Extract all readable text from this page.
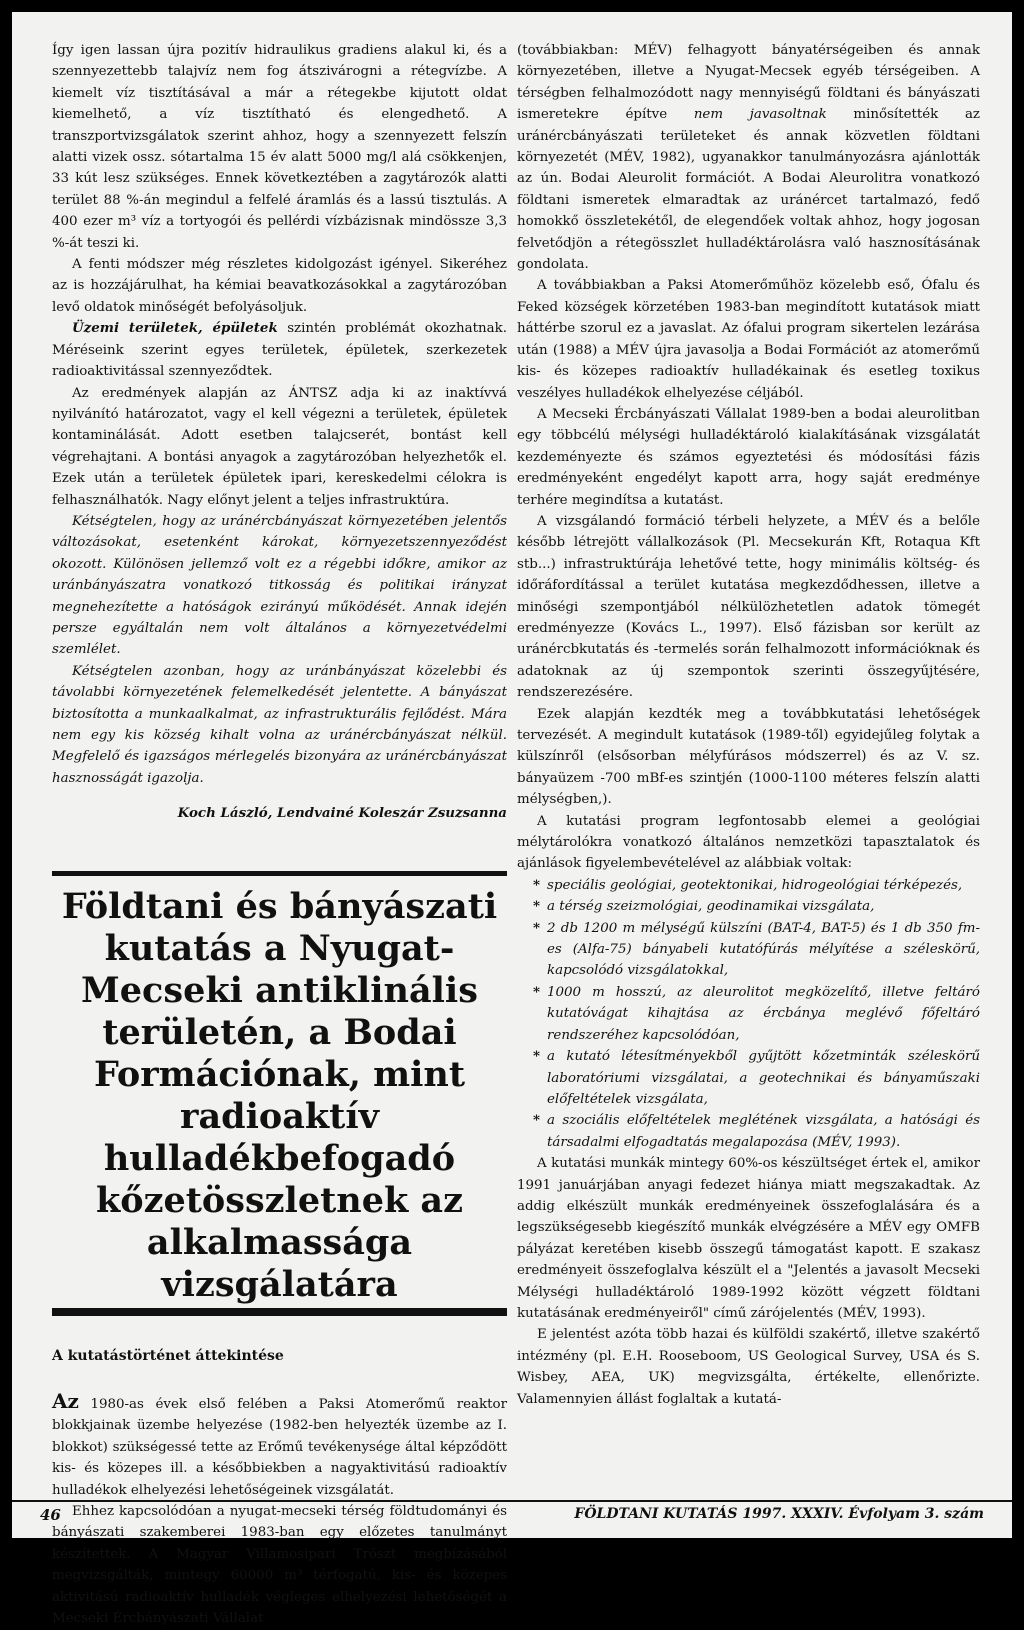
Így igen lassan újra pozitív hidraulikus gradiens alakul ki, és a szennyezettebb talajvíz nem fog átszivárogni a rétegvízbe. A kiemelt víz tisztításával a már a rétegekbe kijutott oldat kiemelhető, a víz tisztítható és elengedhető. A transzportvizsgálatok szerint ahhoz, hogy a szennyezett felszín alatti vizek ossz. sótartalma 15 év alatt 5000 mg/l alá csökkenjen, 33 kút lesz szükséges. Ennek következtében a zagytározók alatti terület 88 %-án megindul a felfelé áramlás és a lassú tisztulás. A 400 ezer m³ víz a tortyogói és pellérdi vízbázisnak mindössze 3,3 %-át teszi ki.

A fenti módszer még részletes kidolgozást igényel. Sikeréhez az is hozzájárulhat, ha kémiai beavatkozásokkal a zagytározóban levő oldatok minőségét befolyásoljuk.

Üzemi területek, épületek szintén problémát okozhatnak. Méréseink szerint egyes területek, épületek, szerkezetek radioaktivitással szennyeződtek.

Az eredmények alapján az ÁNTSZ adja ki az inaktívvá nyilvánító határozatot, vagy el kell végezni a területek, épületek kontaminálását. Adott esetben talajcserét, bontást kell végrehajtani. A bontási anyagok a zagytározóban helyezhetők el. Ezek után a területek épületek ipari, kereskedelmi célokra is felhasználhatók. Nagy előnyt jelent a teljes infrastruktúra.

Kétségtelen, hogy az uránércbányászat környezetében jelentős változásokat, esetenként károkat, környezetszennyeződést okozott. Különösen jellemző volt ez a régebbi időkre, amikor az uránbányászatra vonatkozó titkosság és politikai irányzat megnehezítette a hatóságok ezirányú működését. Annak idején persze egyáltalán nem volt általános a környezetvédelmi szemlélet.

Kétségtelen azonban, hogy az uránbányászat közelebbi és távolabbi környezetének felemelkedését jelentette. A bányászat biztosította a munkaalkalmat, az infrastrukturális fejlődést. Mára nem egy kis község kihalt volna az uránércbányászat nélkül. Megfelelő és igazságos mérlegelés bizonyára az uránércbányászat hasznosságát igazolja.

Koch László, Lendvainé Koleszár Zsuzsanna

Földtani és bányászati kutatás a Nyugat-Mecseki antiklinális területén, a Bodai Formációnak, mint radioaktív hulladékbefogadó kőzetösszletnek az alkalmassága vizsgálatára

A kutatástörténet áttekintése

Az 1980-as évek első felében a Paksi Atomerőmű reaktor blokkjainak üzembe helyezése (1982-ben helyezték üzembe az I. blokkot) szükségessé tette az Erőmű tevékenysége által képződött kis- és közepes ill. a későbbiekben a nagyaktivitású radioaktív hulladékok elhelyezési lehetőségeinek vizsgálatát.

Ehhez kapcsolódóan a nyugat-mecseki térség földtudományi és bányászati szakemberei 1983-ban egy előzetes tanulmányt készítettek. A Magyar Villamosipari Tröszt megbízásából megvizsgálták, mintegy 60000 m³ térfogatú, kis- és közepes aktivitású radioaktív hulladék végleges elhelyezési lehetőségét a Mecseki Ércbányászati Vállalat

(továbbiakban: MÉV) felhagyott bányatérségeiben és annak környezetében, illetve a Nyugat-Mecsek egyéb térségeiben. A térségben felhalmozódott nagy mennyiségű földtani és bányászati ismeretekre építve nem javasoltnak minősítették az uránércbányászati területeket és annak közvetlen földtani környezetét (MÉV, 1982), ugyanakkor tanulmányozásra ajánlották az ún. Bodai Aleurolit formációt. A Bodai Aleurolitra vonatkozó földtani ismeretek elmaradtak az uránércet tartalmazó, fedő homokkő összletekétől, de elegendőek voltak ahhoz, hogy jogosan felvetődjön a rétegösszlet hulladéktárolásra való hasznosításának gondolata.

A továbbiakban a Paksi Atomerőműhöz közelebb eső, Ófalu és Feked községek körzetében 1983-ban megindított kutatások miatt háttérbe szorul ez a javaslat. Az ófalui program sikertelen lezárása után (1988) a MÉV újra javasolja a Bodai Formációt az atomerőmű kis- és közepes radioaktív hulladékainak és esetleg toxikus veszélyes hulladékok elhelyezése céljából.

A Mecseki Ércbányászati Vállalat 1989-ben a bodai aleurolitban egy többcélú mélységi hulladéktároló kialakításának vizsgálatát kezdeményezte és számos egyeztetési és módosítási fázis eredményeként engedélyt kapott arra, hogy saját eredménye terhére megindítsa a kutatást.

A vizsgálandó formáció térbeli helyzete, a MÉV és a belőle később létrejött vállalkozások (Pl. Mecsekurán Kft, Rotaqua Kft stb...) infrastruktúrája lehetővé tette, hogy minimális költség- és időráfordítással a terület kutatása megkezdődhessen, illetve a minőségi szempontjából nélkülözhetetlen adatok tömegét eredményezze (Kovács L., 1997). Első fázisban sor került az uránércbkutatás és -termelés során felhalmozott információknak és adatoknak az új szempontok szerinti összegyűjtésére, rendszerezésére.

Ezek alapján kezdték meg a továbbkutatási lehetőségek tervezését. A megindult kutatások (1989-től) egyidejűleg folytak a külszínről (elsősorban mélyfúrásos módszerrel) és az V. sz. bányaüzem -700 mBf-es szintjén (1000-1100 méteres felszín alatti mélységben,).

A kutatási program legfontosabb elemei a geológiai mélytárolókra vonatkozó általános nemzetközi tapasztalatok és ajánlások figyelembevételével az alábbiak voltak:

* speciális geológiai, geotektonikai, hidrogeológiai térképezés,
* a térség szeizmológiai, geodinamikai vizsgálata,
* 2 db 1200 m mélységű külszíni (BAT-4, BAT-5) és 1 db 350 fm-es (Alfa-75) bányabeli kutatófúrás mélyítése a széleskörű, kapcsolódó vizsgálatokkal,
* 1000 m hosszú, az aleurolitot megközelítő, illetve feltáró kutatóvágat kihajtása az ércbánya meglévő főfeltáró rendszeréhez kapcsolódóan,
* a kutató létesítményekből gyűjtött kőzetminták széleskörű laboratóriumi vizsgálatai, a geotechnikai és bányaműszaki előfeltételek vizsgálata,
* a szociális előfeltételek meglétének vizsgálata, a hatósági és társadalmi elfogadtatás megalapozása (MÉV, 1993).

A kutatási munkák mintegy 60%-os készültséget értek el, amikor 1991 januárjában anyagi fedezet hiánya miatt megszakadtak. Az addig elkészült munkák eredményeinek összefoglalására és a legszükségesebb kiegészítő munkák elvégzésére a MÉV egy OMFB pályázat keretében kisebb összegű támogatást kapott. E szakasz eredményeit összefoglalva készült el a "Jelentés a javasolt Mecseki Mélységi hulladéktároló 1989-1992 között végzett földtani kutatásának eredményeiről" című zárójelentés (MÉV, 1993).

E jelentést azóta több hazai és külföldi szakértő, illetve szakértő intézmény (pl. E.H. Rooseboom, US Geological Survey, USA és S. Wisbey, AEA, UK) megvizsgálta, értékelte, ellenőrizte. Valamennyien állást foglaltak a kutatá-

46	FÖLDTANI KUTATÁS 1997. XXXIV. Évfolyam 3. szám
